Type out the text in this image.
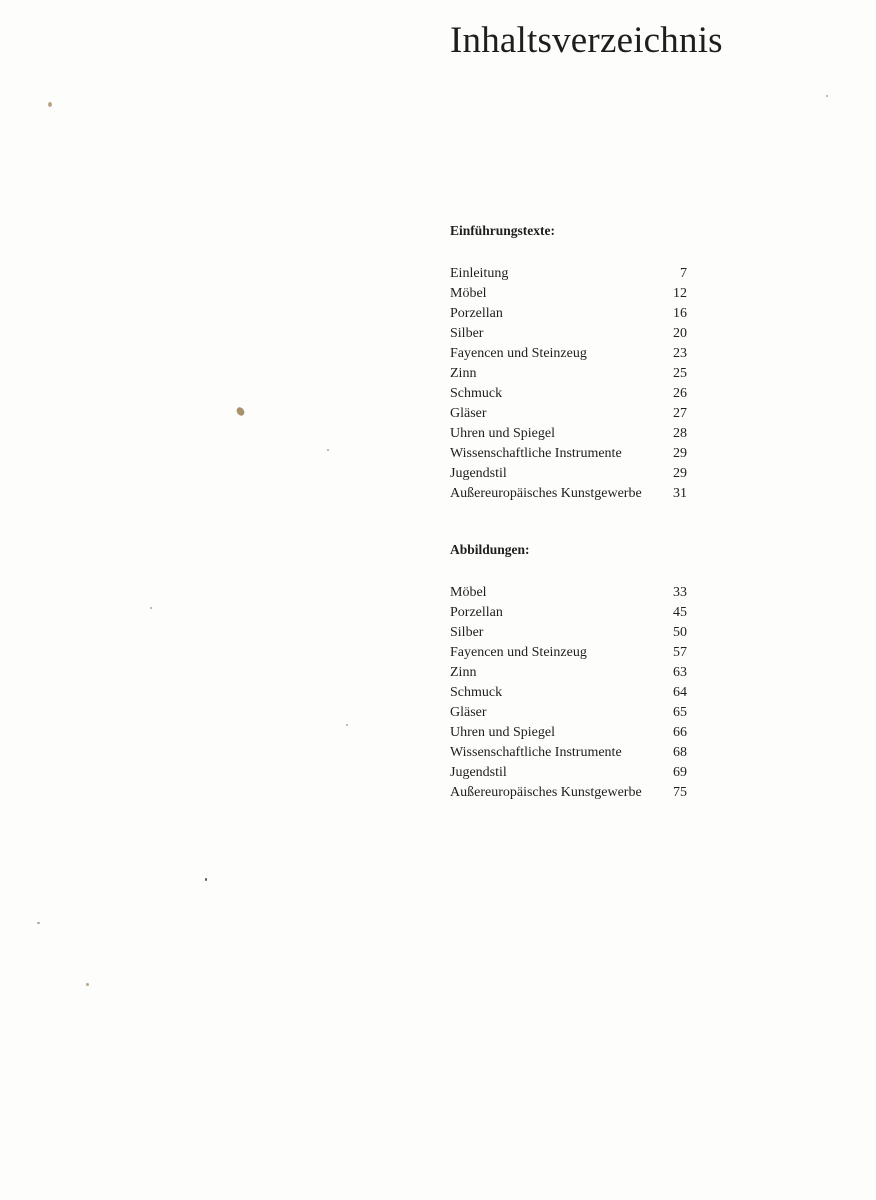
Inhaltsverzeichnis
Einführungstexte:
Einleitung	7
Möbel	12
Porzellan	16
Silber	20
Fayencen und Steinzeug	23
Zinn	25
Schmuck	26
Gläser	27
Uhren und Spiegel	28
Wissenschaftliche Instrumente	29
Jugendstil	29
Außereuropäisches Kunstgewerbe	31
Abbildungen:
Möbel	33
Porzellan	45
Silber	50
Fayencen und Steinzeug	57
Zinn	63
Schmuck	64
Gläser	65
Uhren und Spiegel	66
Wissenschaftliche Instrumente	68
Jugendstil	69
Außereuropäisches Kunstgewerbe	75
